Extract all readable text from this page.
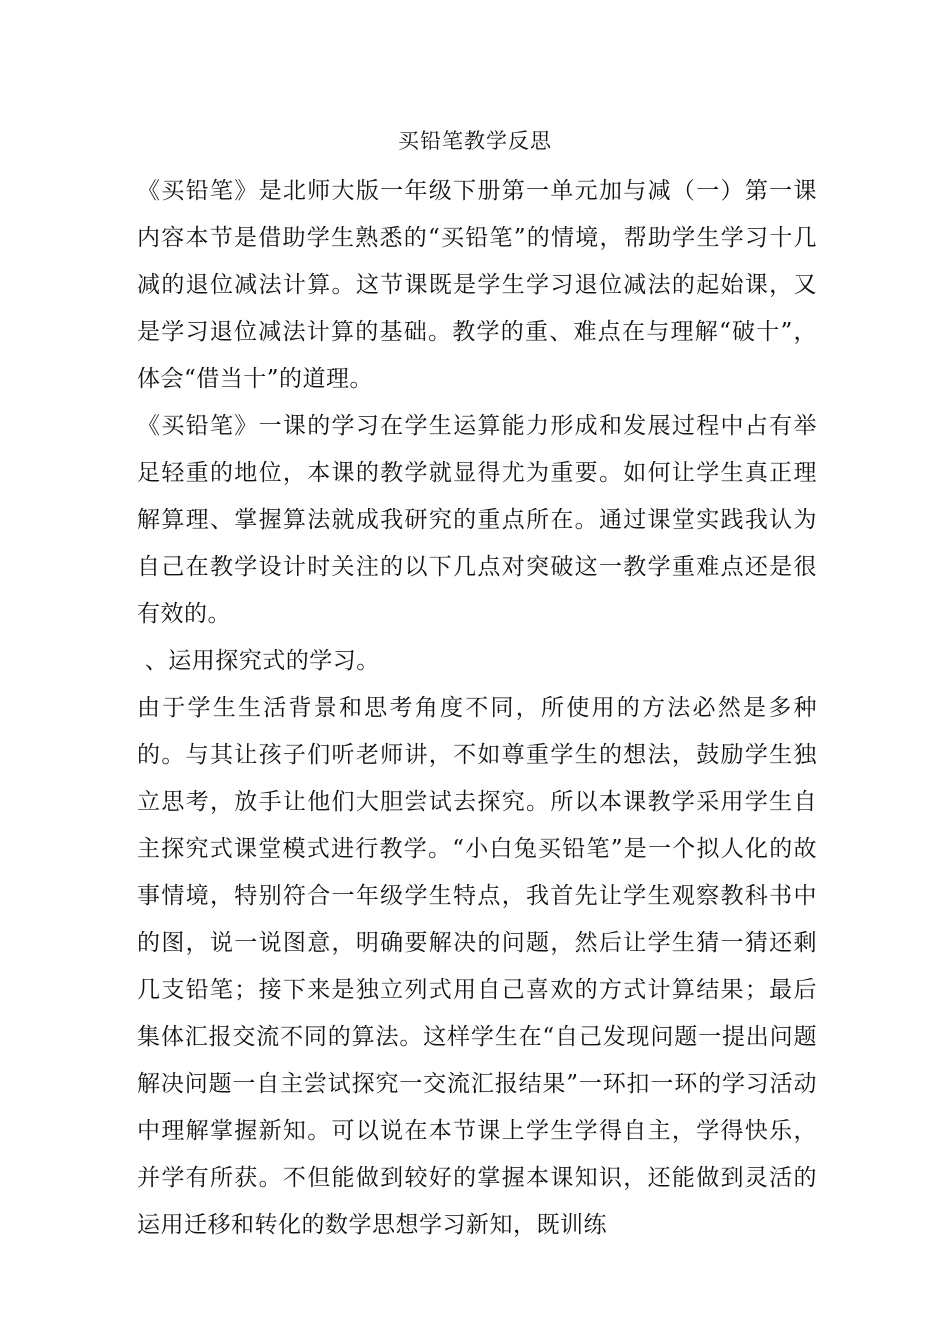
买铅笔教学反思

《买铅笔》是北师大版一年级下册第一单元加与减（一）第一课内容本节是借助学生熟悉的“买铅笔”的情境，帮助学生学习十几减的退位减法计算。这节课既是学生学习退位减法的起始课，又是学习退位减法计算的基础。教学的重、难点在与理解“破十”，体会“借当十”的道理。

《买铅笔》一课的学习在学生运算能力形成和发展过程中占有举足轻重的地位，本课的教学就显得尤为重要。如何让学生真正理解算理、掌握算法就成我研究的重点所在。通过课堂实践我认为自己在教学设计时关注的以下几点对突破这一教学重难点还是很有效的。

、运用探究式的学习。

由于学生生活背景和思考角度不同，所使用的方法必然是多种的。与其让孩子们听老师讲，不如尊重学生的想法，鼓励学生独立思考，放手让他们大胆尝试去探究。所以本课教学采用学生自主探究式课堂模式进行教学。“小白兔买铅笔”是一个拟人化的故事情境，特别符合一年级学生特点，我首先让学生观察教科书中的图，说一说图意，明确要解决的问题，然后让学生猜一猜还剩几支铅笔；接下来是独立列式用自己喜欢的方式计算结果；最后集体汇报交流不同的算法。这样学生在“自己发现问题一提出问题解决问题一自主尝试探究一交流汇报结果”一环扣一环的学习活动中理解掌握新知。可以说在本节课上学生学得自主，学得快乐，并学有所获。不但能做到较好的掌握本课知识，还能做到灵活的运用迁移和转化的数学思想学习新知，既训练
